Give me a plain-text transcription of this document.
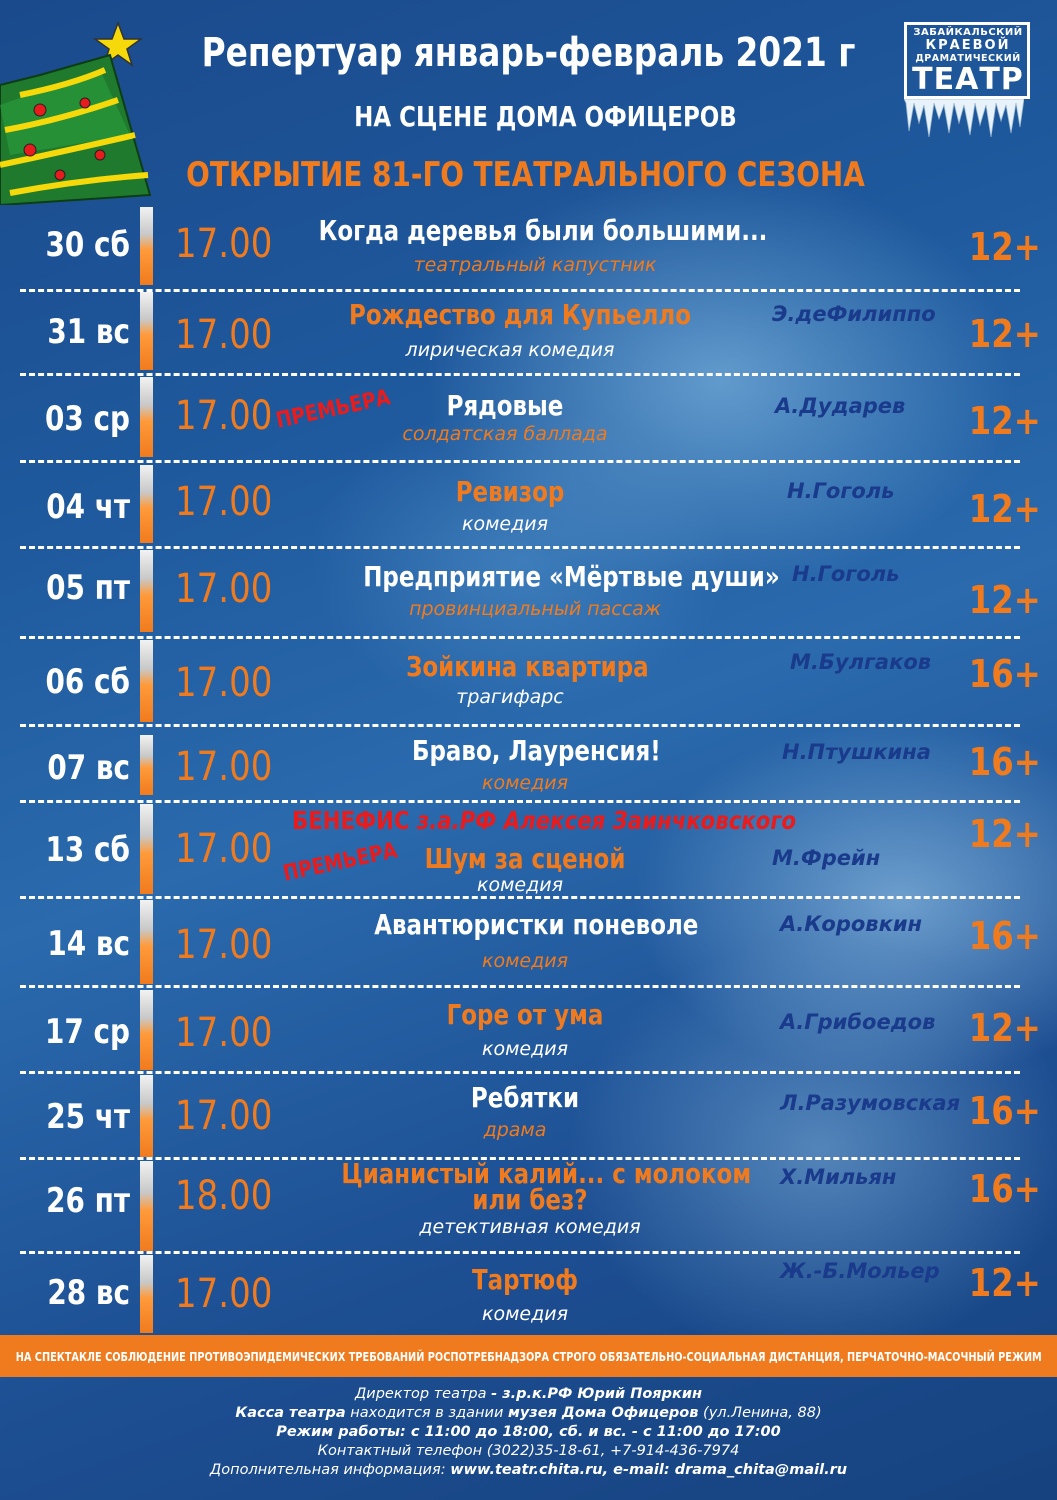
ЗАБАЙКАЛЬСКИЙ
КРАЕВОЙ
ДРАМАТИЧЕСКИЙ
ТЕАТР
Репертуар январь-февраль 2021 г
НА СЦЕНЕ ДОМА ОФИЦЕРОВ
ОТКРЫТИЕ 81-ГО ТЕАТРАЛЬНОГО СЕЗОНА
30 сб 17.00 Когда деревья были большими...
театральный капустник	12+
31 вс 17.00	Рождество для Купьелло
лирическая комедия
Э.деФилиппо 12+
03 ср 17.00 ПРЕМЬЕРА	Рядовые
солдатская баллада
А.Дударев	12+
04 чт 17.00	Ревизор
комедия
Н.Гоголь	12+
05 пт 17.00	Предприятие «Мёртвые души»
провинциальный пассаж
Н.Гоголь
12+
06 сб 17.00	Зойкина квартира
трагифарс
М.Булгаков 16+
07 вс 17.00	Браво, Лауренсия!
комедия
Н.Птушкина 16+
13 сб 17.00 ПРЕМЬЕРА Шум за сценой
комедия
М.Фрейн
12+
БЕНЕФИС з.а.РФ Алексея Заинчковского
14 вс 17.00	Авантюристки поневоле
комедия
А.Коровкин	16+
17 ср 17.00	Горе от ума
комедия
А.Грибоедов 12+
25 чт 17.00	Ребятки
драма
Л.Разумовская 16+
26 пт 18.00 Цианистый калий... с молоком
или без?
детективная комедия
Х.Мильян	16+
28 вс 17.00	Тартюф
комедия
Ж.-Б.Мольер 12+
НА СПЕКТАКЛЕ СОБЛЮДЕНИЕ ПРОТИВОЭПИДЕМИЧЕСКИХ ТРЕБОВАНИЙ РОСПОТРЕБНАДЗОРА СТРОГО ОБЯЗАТЕЛЬНО-СОЦИАЛЬНАЯ ДИСТАНЦИЯ, ПЕРЧАТОЧНО-МАСОЧНЫЙ РЕЖИМ
Директор театра - з.р.к.РФ Юрий Пояркин
Касса театра находится в здании музея Дома Офицеров (ул.Ленина, 88)
Режим работы: с 11:00 до 18:00, сб. и вс. - с 11:00 до 17:00
Контактный телефон (3022)35-18-61, +7-914-436-7974
Дополнительная информация: www.teatr.chita.ru, e-mail: drama_chita@mail.ru
